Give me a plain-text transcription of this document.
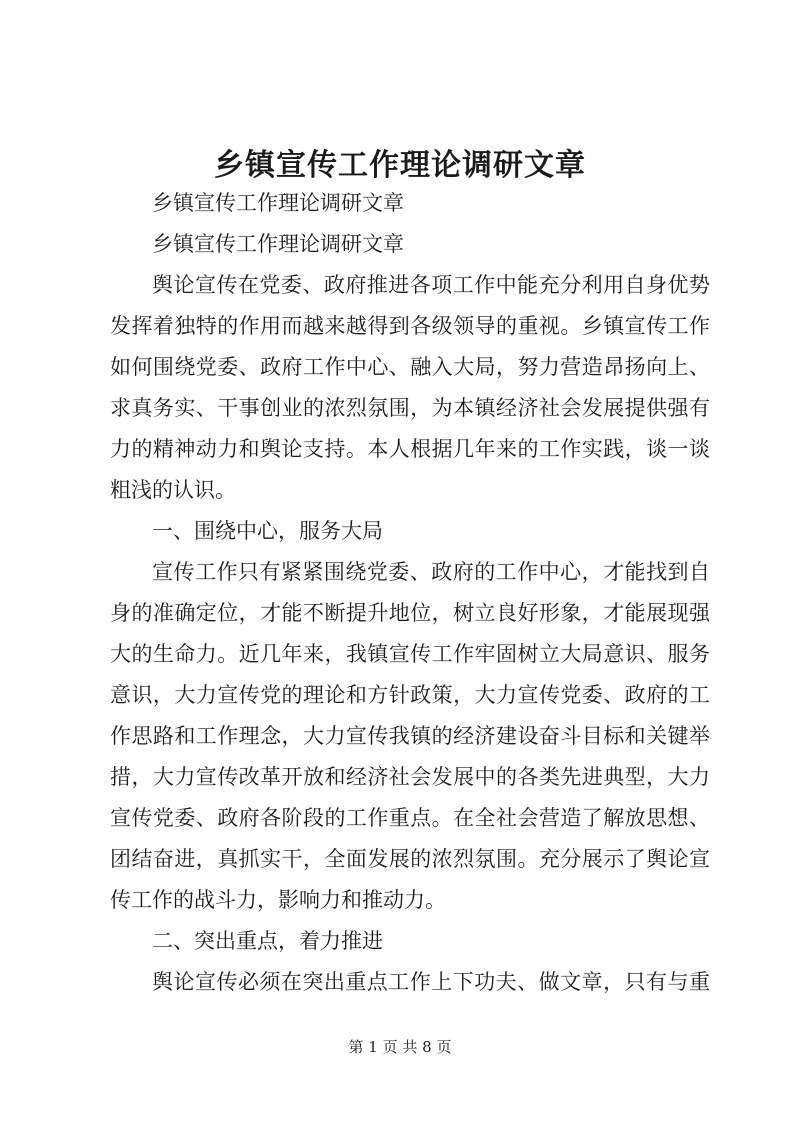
乡镇宣传工作理论调研文章
乡镇宣传工作理论调研文章
乡镇宣传工作理论调研文章
舆论宣传在党委、政府推进各项工作中能充分利用自身优势
发挥着独特的作用而越来越得到各级领导的重视。乡镇宣传工作
如何围绕党委、政府工作中心、融入大局，努力营造昂扬向上、
求真务实、干事创业的浓烈氛围，为本镇经济社会发展提供强有
力的精神动力和舆论支持。本人根据几年来的工作实践，谈一谈
粗浅的认识。
一、围绕中心，服务大局
宣传工作只有紧紧围绕党委、政府的工作中心，才能找到自
身的准确定位，才能不断提升地位，树立良好形象，才能展现强
大的生命力。近几年来，我镇宣传工作牢固树立大局意识、服务
意识，大力宣传党的理论和方针政策，大力宣传党委、政府的工
作思路和工作理念，大力宣传我镇的经济建设奋斗目标和关键举
措，大力宣传改革开放和经济社会发展中的各类先进典型，大力
宣传党委、政府各阶段的工作重点。在全社会营造了解放思想、
团结奋进，真抓实干，全面发展的浓烈氛围。充分展示了舆论宣
传工作的战斗力，影响力和推动力。
二、突出重点，着力推进
舆论宣传必须在突出重点工作上下功夫、做文章，只有与重
第 1 页 共 8 页
